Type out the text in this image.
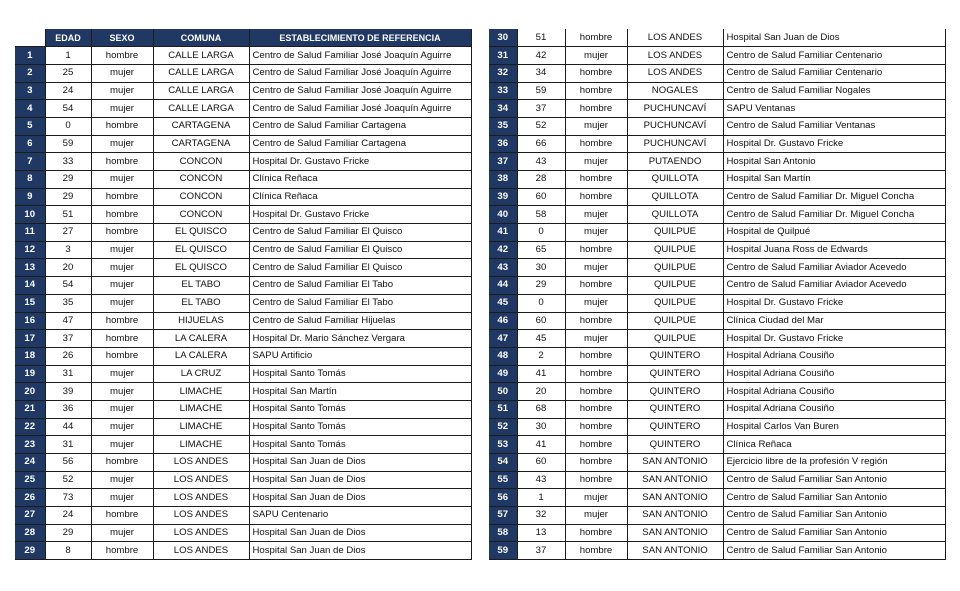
	EDAD	SEXO	COMUNA	ESTABLECIMIENTO DE REFERENCIA
1	1	hombre	CALLE LARGA	Centro de Salud Familiar José Joaquín Aguirre
2	25	mujer	CALLE LARGA	Centro de Salud Familiar José Joaquín Aguirre
3	24	mujer	CALLE LARGA	Centro de Salud Familiar José Joaquín Aguirre
4	54	mujer	CALLE LARGA	Centro de Salud Familiar José Joaquín Aguirre
5	0	hombre	CARTAGENA	Centro de Salud Familiar Cartagena
6	59	mujer	CARTAGENA	Centro de Salud Familiar Cartagena
7	33	hombre	CONCON	Hospital Dr. Gustavo Fricke
8	29	mujer	CONCON	Clínica Reñaca
9	29	hombre	CONCON	Clínica Reñaca
10	51	hombre	CONCON	Hospital Dr. Gustavo Fricke
11	27	hombre	EL QUISCO	Centro de Salud Familiar El Quisco
12	3	mujer	EL QUISCO	Centro de Salud Familiar El Quisco
13	20	mujer	EL QUISCO	Centro de Salud Familiar El Quisco
14	54	mujer	EL TABO	Centro de Salud Familiar El Tabo
15	35	mujer	EL TABO	Centro de Salud Familiar El Tabo
16	47	hombre	HIJUELAS	Centro de Salud Familiar Hijuelas
17	37	hombre	LA CALERA	Hospital Dr. Mario Sánchez Vergara
18	26	hombre	LA CALERA	SAPU Artificio
19	31	mujer	LA CRUZ	Hospital Santo Tomás
20	39	mujer	LIMACHE	Hospital San Martín
21	36	mujer	LIMACHE	Hospital Santo Tomás
22	44	mujer	LIMACHE	Hospital Santo Tomás
23	31	mujer	LIMACHE	Hospital Santo Tomás
24	56	hombre	LOS ANDES	Hospital San Juan de Dios
25	52	mujer	LOS ANDES	Hospital San Juan de Dios
26	73	mujer	LOS ANDES	Hospital San Juan de Dios
27	24	hombre	LOS ANDES	SAPU Centenario
28	29	mujer	LOS ANDES	Hospital San Juan de Dios
29	8	hombre	LOS ANDES	Hospital San Juan de Dios
30	51	hombre	LOS ANDES	Hospital San Juan de Dios
31	42	mujer	LOS ANDES	Centro de Salud Familiar Centenario
32	34	hombre	LOS ANDES	Centro de Salud Familiar Centenario
33	59	hombre	NOGALES	Centro de Salud Familiar Nogales
34	37	hombre	PUCHUNCAVÍ	SAPU Ventanas
35	52	mujer	PUCHUNCAVÍ	Centro de Salud Familiar Ventanas
36	66	hombre	PUCHUNCAVÍ	Hospital Dr. Gustavo Fricke
37	43	mujer	PUTAENDO	Hospital San Antonio
38	28	hombre	QUILLOTA	Hospital San Martín
39	60	hombre	QUILLOTA	Centro de Salud Familiar Dr. Miguel Concha
40	58	mujer	QUILLOTA	Centro de Salud Familiar Dr. Miguel Concha
41	0	mujer	QUILPUE	Hospital de Quilpué
42	65	hombre	QUILPUE	Hospital Juana Ross de Edwards
43	30	mujer	QUILPUE	Centro de Salud Familiar Aviador Acevedo
44	29	hombre	QUILPUE	Centro de Salud Familiar Aviador Acevedo
45	0	mujer	QUILPUE	Hospital Dr. Gustavo Fricke
46	60	hombre	QUILPUE	Clínica Ciudad del Mar
47	45	mujer	QUILPUE	Hospital Dr. Gustavo Fricke
48	2	hombre	QUINTERO	Hospital Adriana Cousiño
49	41	hombre	QUINTERO	Hospital Adriana Cousiño
50	20	hombre	QUINTERO	Hospital Adriana Cousiño
51	68	hombre	QUINTERO	Hospital Adriana Cousiño
52	30	hombre	QUINTERO	Hospital Carlos Van Buren
53	41	hombre	QUINTERO	Clínica Reñaca
54	60	hombre	SAN ANTONIO	Ejercicio libre de la profesión V región
55	43	hombre	SAN ANTONIO	Centro de Salud Familiar San Antonio
56	1	mujer	SAN ANTONIO	Centro de Salud Familiar San Antonio
57	32	mujer	SAN ANTONIO	Centro de Salud Familiar San Antonio
58	13	hombre	SAN ANTONIO	Centro de Salud Familiar San Antonio
59	37	hombre	SAN ANTONIO	Centro de Salud Familiar San Antonio
